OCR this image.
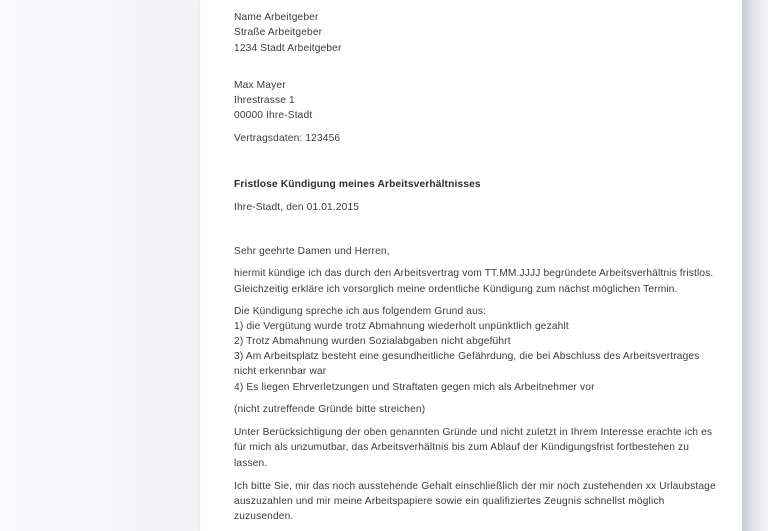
Name Arbeitgeber
Straße Arbeitgeber
1234 Stadt Arbeitgeber
Max Mayer
Ihrestrasse 1
00000 Ihre-Stadt
Vertragsdaten: 123456
Fristlose Kündigung meines Arbeitsverhältnisses
Ihre-Stadt, den 01.01.2015
Sehr geehrte Damen und Herren,
hiermit kündige ich das durch den Arbeitsvertrag vom TT.MM.JJJJ begründete Arbeitsverhältnis fristlos.
Gleichzeitig erkläre ich vorsorglich meine ordentliche Kündigung zum nächst möglichen Termin.
Die Kündigung spreche ich aus folgendem Grund aus:
1) die Vergütung wurde trotz Abmahnung wiederholt unpünktlich gezahlt
2) Trotz Abmahnung wurden Sozialabgaben nicht abgeführt
3) Am Arbeitsplatz besteht eine gesundheitliche Gefährdung, die bei Abschluss des Arbeitsvertrages
nicht erkennbar war
4) Es liegen Ehrverletzungen und Straftaten gegen mich als Arbeitnehmer vor
(nicht zutreffende Gründe bitte streichen)
Unter Berücksichtigung der oben genannten Gründe und nicht zuletzt in Ihrem Interesse erachte ich es
für mich als unzumutbar, das Arbeitsverhältnis bis zum Ablauf der Kündigungsfrist fortbestehen zu
lassen.
Ich bitte Sie, mir das noch ausstehende Gehalt einschließlich der mir noch zustehenden xx Urlaubstage
auszuzahlen und mir meine Arbeitspapiere sowie ein qualifiziertes Zeugnis schnellst möglich
zuzusenden.
